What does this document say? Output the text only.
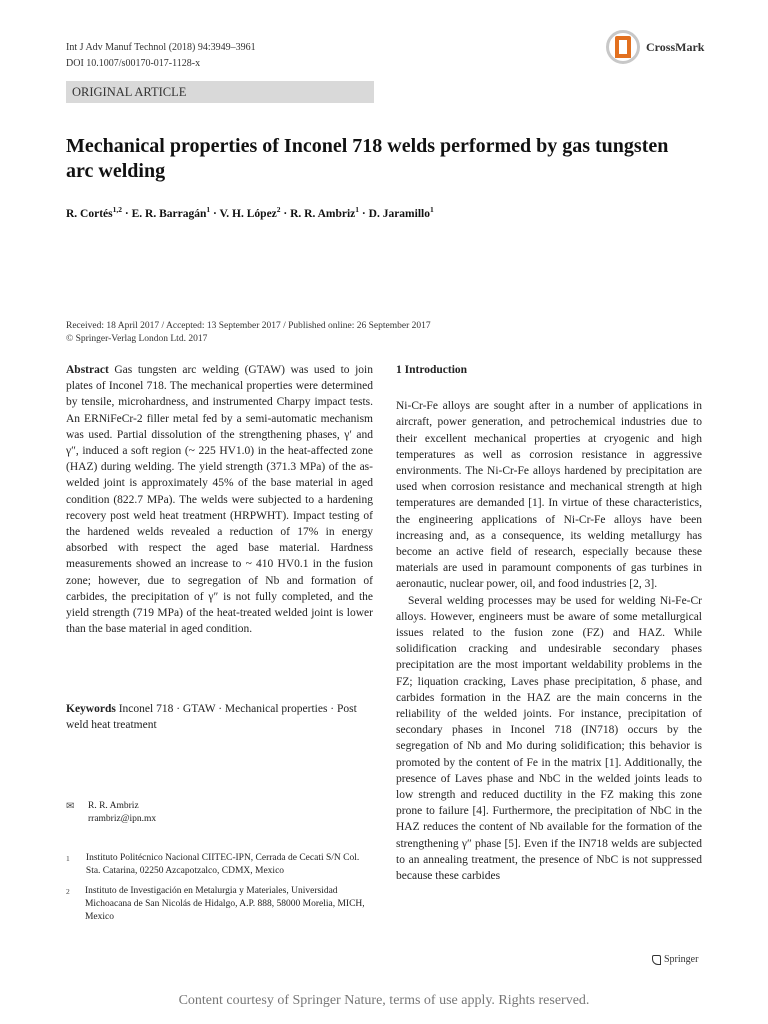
Int J Adv Manuf Technol (2018) 94:3949–3961
DOI 10.1007/s00170-017-1128-x
CrossMark
ORIGINAL ARTICLE
Mechanical properties of Inconel 718 welds performed by gas tungsten arc welding
R. Cortés$^{1,2}$ · E. R. Barragán$^1$ · V. H. López$^2$ · R. R. Ambriz$^1$ · D. Jaramillo$^1$
Received: 18 April 2017 / Accepted: 13 September 2017 / Published online: 26 September 2017
© Springer-Verlag London Ltd. 2017

Abstract Gas tungsten arc welding (GTAW) was used to join plates of Inconel 718. The mechanical properties were determined by tensile, microhardness, and instrumented Charpy impact tests. An ERNiFeCr-2 filler metal fed by a semi-automatic mechanism was used. Partial dissolution of the strengthening phases, γ′ and γ″, induced a soft region (~ 225 HV1.0) in the heat-affected zone (HAZ) during welding. The yield strength (371.3 MPa) of the as-welded joint is approximately 45% of the base material in aged condition (822.7 MPa). The welds were subjected to a hardening recovery post weld heat treatment (HRPWHT). Impact testing of the hardened welds revealed a reduction of 17% in energy absorbed with respect the aged base material. Hardness measurements showed an increase to ~ 410 HV0.1 in the fusion zone; however, due to segregation of Nb and formation of carbides, the precipitation of γ″ is not fully completed, and the yield strength (719 MPa) of the heat-treated welded joint is lower than the base material in aged condition.

Keywords Inconel 718 · GTAW · Mechanical properties · Post weld heat treatment
✉	R. R. Ambriz
rrambriz@ipn.mx
1 Instituto Politécnico Nacional CIITEC-IPN, Cerrada de Cecati S/N Col. Sta. Catarina, 02250 Azcapotzalco, CDMX, Mexico
2 Instituto de Investigación en Metalurgia y Materiales, Universidad Michoacana de San Nicolás de Hidalgo, A.P. 888, 58000 Morelia, MICH, Mexico

1 Introduction

Ni-Cr-Fe alloys are sought after in a number of applications in aircraft, power generation, and petrochemical industries due to their excellent mechanical properties at cryogenic and high temperatures as well as corrosion resistance in aggressive environments. The Ni-Cr-Fe alloys hardened by precipitation are used when corrosion resistance and mechanical strength at high temperatures are demanded [1]. In virtue of these characteristics, the engineering applications of Ni-Cr-Fe alloys have been increasing and, as a consequence, its welding metallurgy has become an active field of research, especially because these materials are used in paramount components of gas turbines in aeronautic, nuclear power, oil, and food industries [2, 3].

Several welding processes may be used for welding Ni-Fe-Cr alloys. However, engineers must be aware of some metallurgical issues related to the fusion zone (FZ) and HAZ. While solidification cracking and undesirable secondary phases precipitation are the most important weldability problems in the FZ; liquation cracking, Laves phase precipitation, δ phase, and carbides formation in the HAZ are the main concerns in the reliability of the welded joints. For instance, precipitation of secondary phases in Inconel 718 (IN718) occurs by the segregation of Nb and Mo during solidification; this behavior is promoted by the content of Fe in the matrix [1]. Additionally, the presence of Laves phase and NbC in the welded joints leads to low strength and reduced ductility in the FZ making this zone prone to failure [4]. Furthermore, the precipitation of NbC in the HAZ reduces the content of Nb available for the formation of the strengthening γ″ phase [5]. Even if the IN718 welds are subjected to an annealing treatment, the presence of NbC is not suppressed because these carbides

Springer
Content courtesy of Springer Nature, terms of use apply. Rights reserved.
